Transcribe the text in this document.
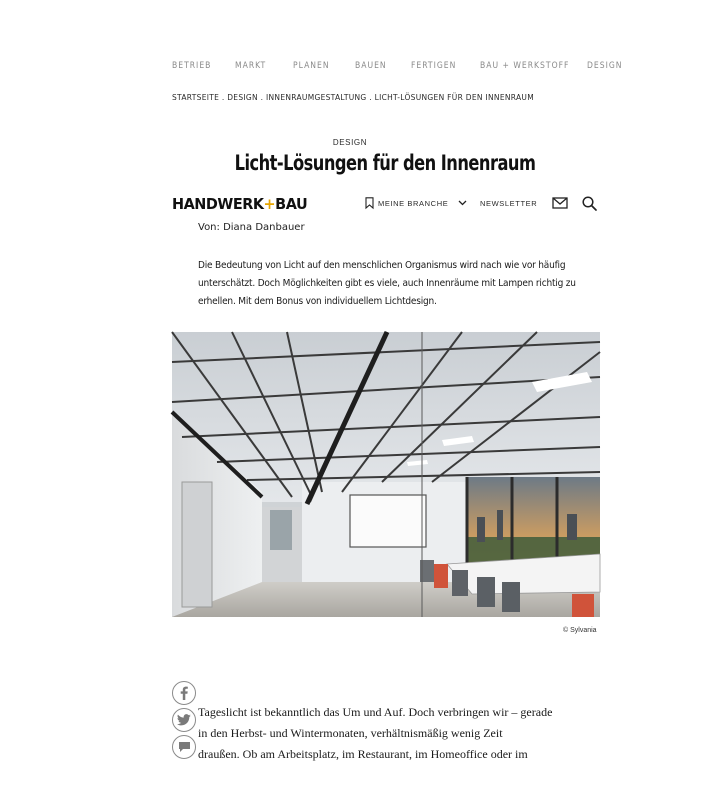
BETRIEB	MARKT	PLANEN	BAUEN	FERTIGEN	BAU + WERKSTOFF DESIGN
STARTSEITE . DESIGN . INNENRAUMGESTALTUNG . LICHT-LÖSUNGEN FÜR DEN INNENRAUM
DESIGN
Licht-Lösungen für den Innenraum
HANDWERK+BAU	MEINE BRANCHE	NEWSLETTER
Von: Diana Danbauer

Die Bedeutung von Licht auf den menschlichen Organismus wird nach wie vor häufig unterschätzt. Doch Möglichkeiten gibt es viele, auch Innenräume mit Lampen richtig zu erhellen. Mit dem Bonus von individuellem Lichtdesign.

© Sylvania
Tageslicht ist bekanntlich das Um und Auf. Doch verbringen wir – gerade
in den Herbst- und Wintermonaten, verhältnismäßig wenig Zeit
draußen. Ob am Arbeitsplatz, im Restaurant, im Homeoffice oder im
